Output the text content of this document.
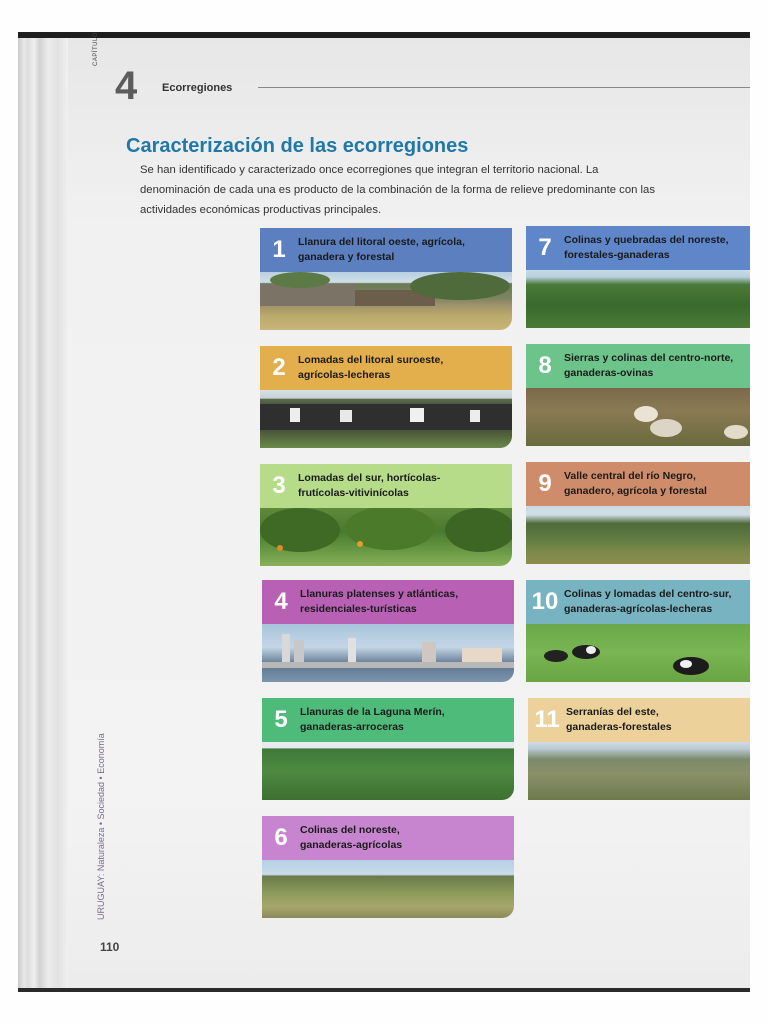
CAPÍTULO
4 Ecorregiones
Caracterización de las ecorregiones
Se han identificado y caracterizado once ecorregiones que integran el territorio nacional. La denominación de cada una es producto de la combinación de la forma de relieve predominante con las actividades económicas productivas principales.
1	Llanura del litoral oeste, agrícola,
ganadera y forestal
2	Lomadas del litoral suroeste,
agrícolas-lecheras
3	Lomadas del sur, hortícolas-
frutícolas-vitivinícolas
4	Llanuras platenses y atlánticas,
residenciales-turísticas
5	Llanuras de la Laguna Merín,
ganaderas-arroceras
6	Colinas del noreste,
ganaderas-agrícolas
7	Colinas y quebradas del noreste,
forestales-ganaderas
8	Sierras y colinas del centro-norte,
ganaderas-ovinas
9	Valle central del río Negro,
ganadero, agrícola y forestal
10 Colinas y lomadas del centro-sur,
ganaderas-agrícolas-lecheras
11 Serranías del este,
ganaderas-forestales
URUGUAY: Naturaleza • Sociedad • Economía
110
